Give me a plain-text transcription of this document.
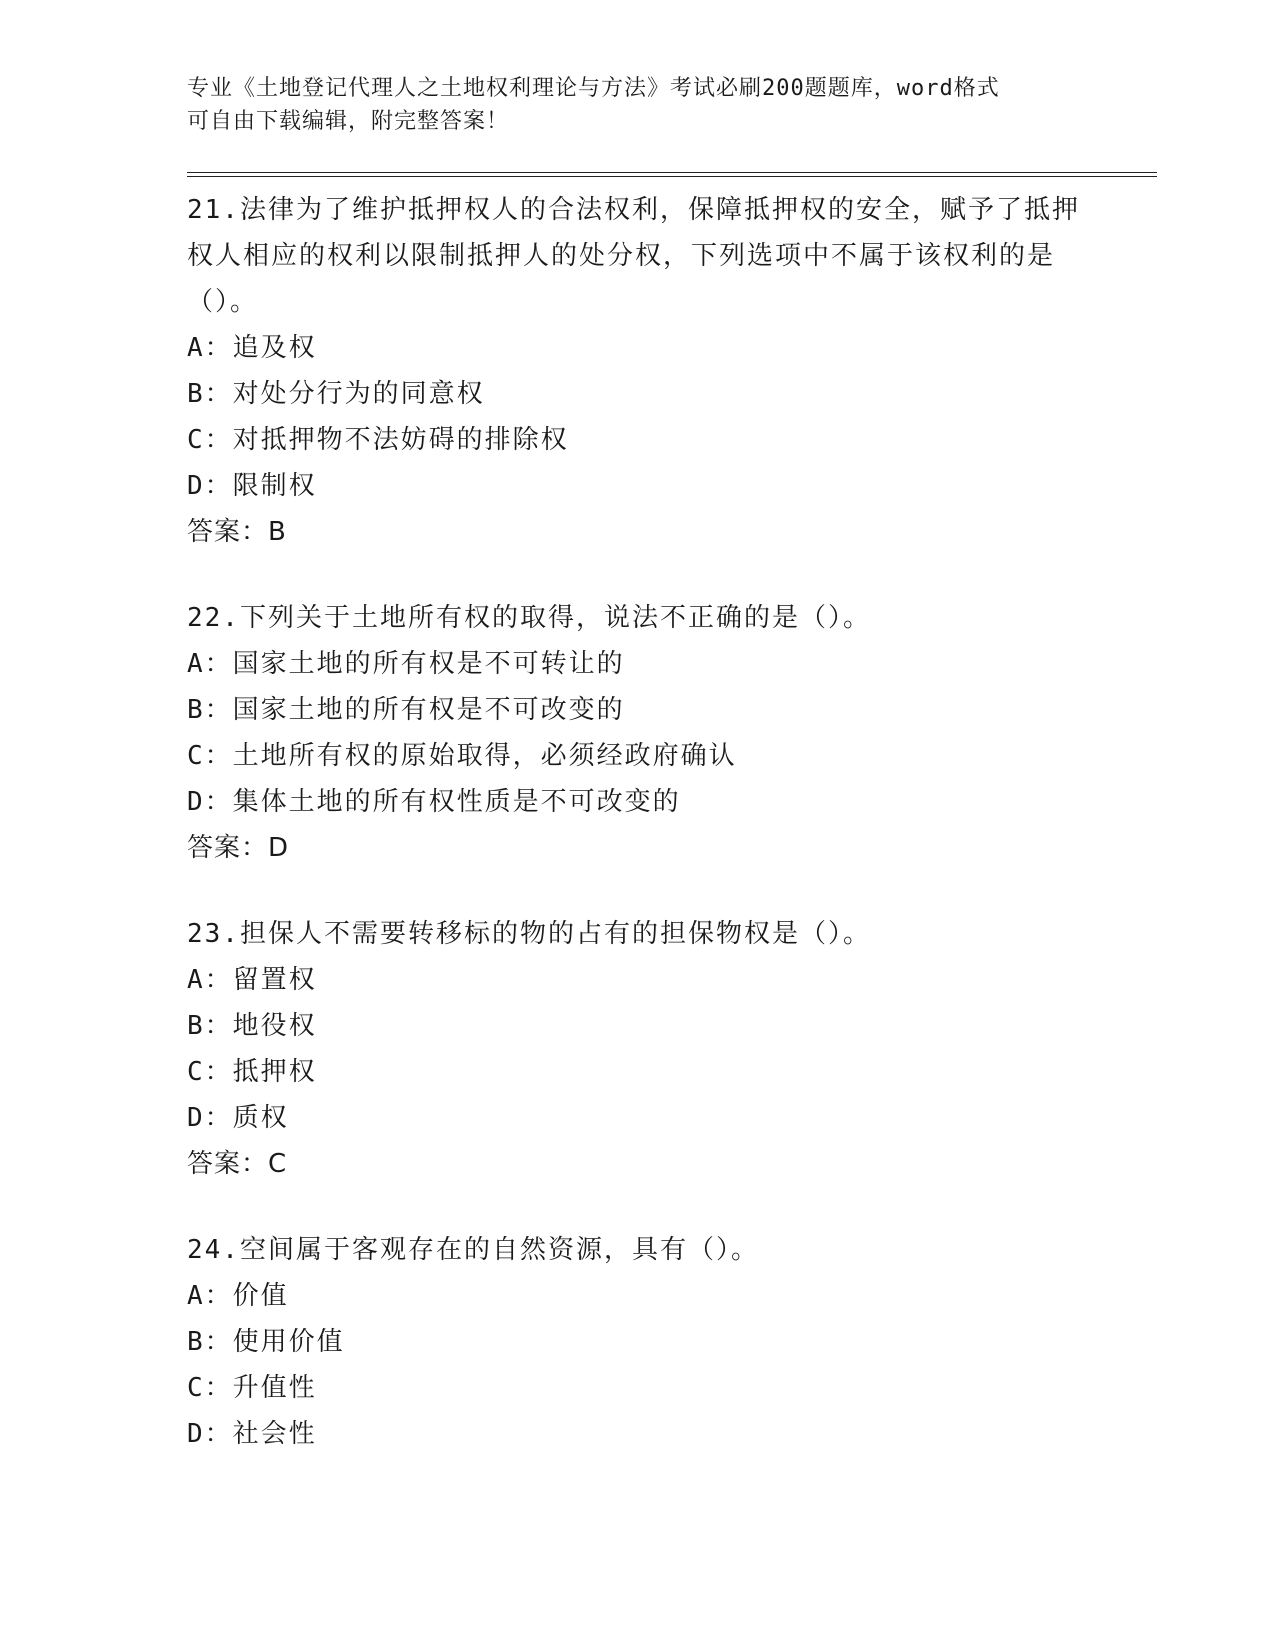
专业《土地登记代理人之土地权利理论与方法》考试必刷200题题库，word格式

可自由下载编辑，附完整答案！

21.法律为了维护抵押权人的合法权利，保障抵押权的安全，赋予了抵押权人相应的权利以限制抵押人的处分权，下列选项中不属于该权利的是（）。

A：追及权

B：对处分行为的同意权

C：对抵押物不法妨碍的排除权

D：限制权

答案：B

22.下列关于土地所有权的取得，说法不正确的是（）。

A：国家土地的所有权是不可转让的

B：国家土地的所有权是不可改变的

C：土地所有权的原始取得，必须经政府确认

D：集体土地的所有权性质是不可改变的

答案：D

23.担保人不需要转移标的物的占有的担保物权是（）。

A：留置权

B：地役权

C：抵押权

D：质权

答案：C

24.空间属于客观存在的自然资源，具有（）。

A：价值

B：使用价值

C：升值性

D：社会性
